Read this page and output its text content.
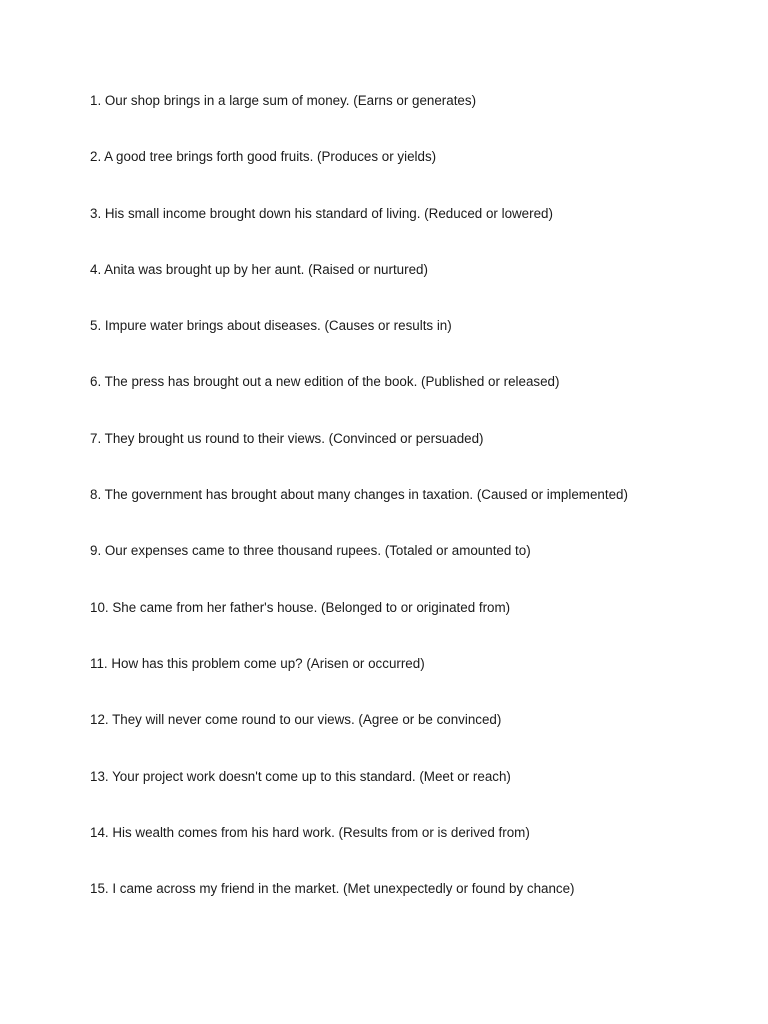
1. Our shop brings in a large sum of money. (Earns or generates)
2. A good tree brings forth good fruits. (Produces or yields)
3. His small income brought down his standard of living. (Reduced or lowered)
4. Anita was brought up by her aunt. (Raised or nurtured)
5. Impure water brings about diseases. (Causes or results in)
6. The press has brought out a new edition of the book. (Published or released)
7. They brought us round to their views. (Convinced or persuaded)
8. The government has brought about many changes in taxation. (Caused or implemented)
9. Our expenses came to three thousand rupees. (Totaled or amounted to)
10. She came from her father's house. (Belonged to or originated from)
11. How has this problem come up? (Arisen or occurred)
12. They will never come round to our views. (Agree or be convinced)
13. Your project work doesn't come up to this standard. (Meet or reach)
14. His wealth comes from his hard work. (Results from or is derived from)
15. I came across my friend in the market. (Met unexpectedly or found by chance)
